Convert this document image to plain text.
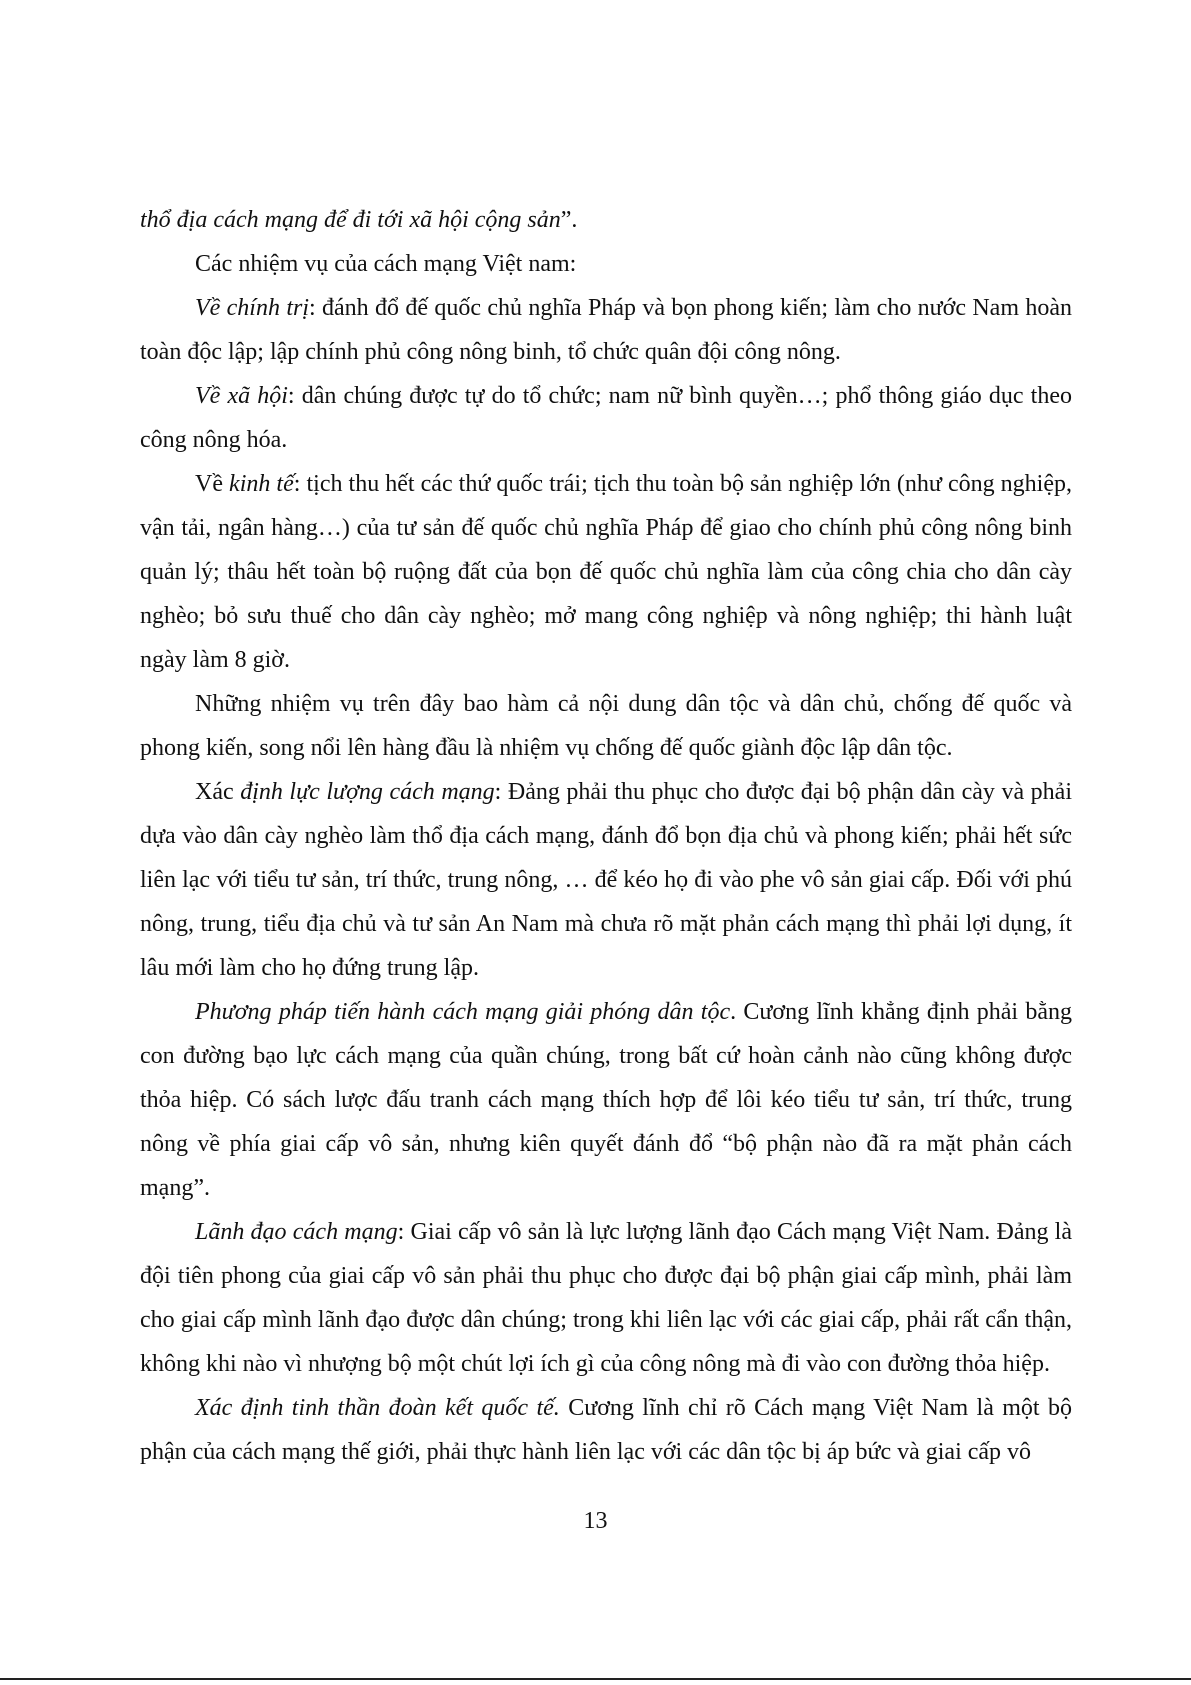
thổ địa cách mạng để đi tới xã hội cộng sản”.

Các nhiệm vụ của cách mạng Việt nam:

Về chính trị: đánh đổ đế quốc chủ nghĩa Pháp và bọn phong kiến; làm cho nước Nam hoàn toàn độc lập; lập chính phủ công nông binh, tổ chức quân đội công nông.

Về xã hội: dân chúng được tự do tổ chức; nam nữ bình quyền…; phổ thông giáo dục theo công nông hóa.

Về kinh tế: tịch thu hết các thứ quốc trái; tịch thu toàn bộ sản nghiệp lớn (như công nghiệp, vận tải, ngân hàng…) của tư sản đế quốc chủ nghĩa Pháp để giao cho chính phủ công nông binh quản lý; thâu hết toàn bộ ruộng đất của bọn đế quốc chủ nghĩa làm của công chia cho dân cày nghèo; bỏ sưu thuế cho dân cày nghèo; mở mang công nghiệp và nông nghiệp; thi hành luật ngày làm 8 giờ.

Những nhiệm vụ trên đây bao hàm cả nội dung dân tộc và dân chủ, chống đế quốc và phong kiến, song nổi lên hàng đầu là nhiệm vụ chống đế quốc giành độc lập dân tộc.

Xác định lực lượng cách mạng: Đảng phải thu phục cho được đại bộ phận dân cày và phải dựa vào dân cày nghèo làm thổ địa cách mạng, đánh đổ bọn địa chủ và phong kiến; phải hết sức liên lạc với tiểu tư sản, trí thức, trung nông, … để kéo họ đi vào phe vô sản giai cấp. Đối với phú nông, trung, tiểu địa chủ và tư sản An Nam mà chưa rõ mặt phản cách mạng thì phải lợi dụng, ít lâu mới làm cho họ đứng trung lập.

Phương pháp tiến hành cách mạng giải phóng dân tộc. Cương lĩnh khẳng định phải bằng con đường bạo lực cách mạng của quần chúng, trong bất cứ hoàn cảnh nào cũng không được thỏa hiệp. Có sách lược đấu tranh cách mạng thích hợp để lôi kéo tiểu tư sản, trí thức, trung nông về phía giai cấp vô sản, nhưng kiên quyết đánh đổ “bộ phận nào đã ra mặt phản cách mạng”.

Lãnh đạo cách mạng: Giai cấp vô sản là lực lượng lãnh đạo Cách mạng Việt Nam. Đảng là đội tiên phong của giai cấp vô sản phải thu phục cho được đại bộ phận giai cấp mình, phải làm cho giai cấp mình lãnh đạo được dân chúng; trong khi liên lạc với các giai cấp, phải rất cẩn thận, không khi nào vì nhượng bộ một chút lợi ích gì của công nông mà đi vào con đường thỏa hiệp.

Xác định tinh thần đoàn kết quốc tế. Cương lĩnh chỉ rõ Cách mạng Việt Nam là một bộ phận của cách mạng thế giới, phải thực hành liên lạc với các dân tộc bị áp bức và giai cấp vô

13
